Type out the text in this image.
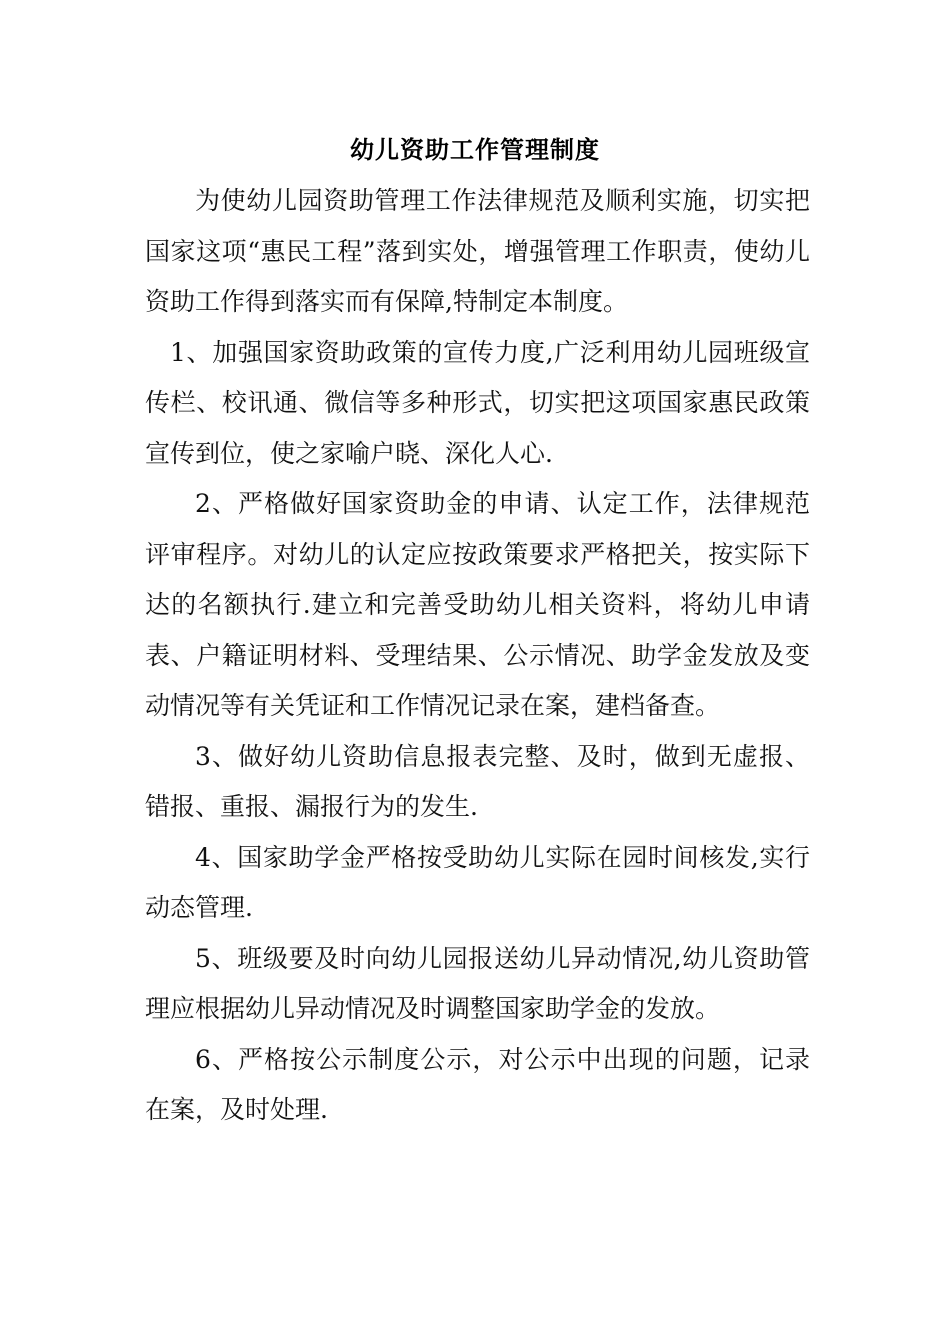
幼儿资助工作管理制度

为使幼儿园资助管理工作法律规范及顺利实施，切实把国家这项“惠民工程”落到实处，增强管理工作职责，使幼儿资助工作得到落实而有保障,特制定本制度。

1、加强国家资助政策的宣传力度,广泛利用幼儿园班级宣传栏、校讯通、微信等多种形式，切实把这项国家惠民政策宣传到位，使之家喻户晓、深化人心.

2、严格做好国家资助金的申请、认定工作，法律规范评审程序。对幼儿的认定应按政策要求严格把关，按实际下达的名额执行.建立和完善受助幼儿相关资料，将幼儿申请表、户籍证明材料、受理结果、公示情况、助学金发放及变动情况等有关凭证和工作情况记录在案，建档备查。

3、做好幼儿资助信息报表完整、及时，做到无虚报、错报、重报、漏报行为的发生.

4、国家助学金严格按受助幼儿实际在园时间核发,实行动态管理.

5、班级要及时向幼儿园报送幼儿异动情况,幼儿资助管理应根据幼儿异动情况及时调整国家助学金的发放。

6、严格按公示制度公示，对公示中出现的问题，记录在案，及时处理.
